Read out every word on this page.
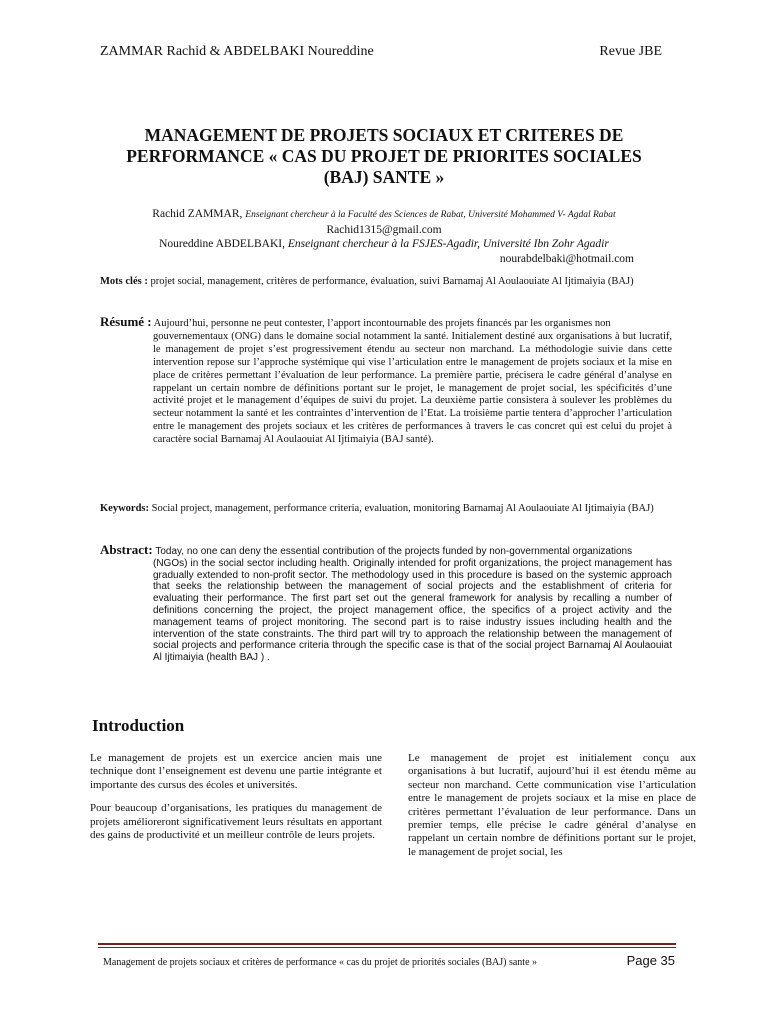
ZAMMAR Rachid & ABDELBAKI Noureddine	Revue JBE
MANAGEMENT DE PROJETS SOCIAUX ET CRITERES DE
PERFORMANCE « CAS DU PROJET DE PRIORITES SOCIALES
(BAJ) SANTE »
Rachid ZAMMAR, Enseignant chercheur à la Faculté des Sciences de Rabat, Université Mohammed V- Agdal Rabat
Rachid1315@gmail.com
Noureddine ABDELBAKI, Enseignant chercheur à la FSJES-Agadir, Université Ibn Zohr Agadir
nourabdelbaki@hotmail.com
Mots clés : projet social, management, critères de performance, évaluation, suivi Barnamaj Al Aoulaouiate Al Ijtimaiyia (BAJ)
Résumé : Aujourd’hui, personne ne peut contester, l’apport incontournable des projets financés par les organismes non
gouvernementaux (ONG) dans le domaine social notamment la santé. Initialement destiné aux organisations à but lucratif, le management de projet s’est progressivement étendu au secteur non marchand. La méthodologie suivie dans cette intervention repose sur l’approche systémique qui vise l’articulation entre le management de projets sociaux et la mise en place de critères permettant l’évaluation de leur performance. La première partie, précisera le cadre général d’analyse en rappelant un certain nombre de définitions portant sur le projet, le management de projet social, les spécificités d’une activité projet et le management d’équipes de suivi du projet. La deuxième partie consistera à soulever les problèmes du secteur notamment la santé et les contraintes d’intervention de l’Etat. La troisième partie tentera d’approcher l’articulation entre le management des projets sociaux et les critères de performances à travers le cas concret qui est celui du projet à caractère social Barnamaj Al Aoulaouiat Al Ijtimaiyia (BAJ santé).
Keywords: Social project, management, performance criteria, evaluation, monitoring Barnamaj Al Aoulaouiate Al Ijtimaiyia (BAJ)
Abstract: Today, no one can deny the essential contribution of the projects funded by non-governmental organizations
(NGOs) in the social sector including health. Originally intended for profit organizations, the project management has gradually extended to non-profit sector. The methodology used in this procedure is based on the systemic approach that seeks the relationship between the management of social projects and the establishment of criteria for evaluating their performance. The first part set out the general framework for analysis by recalling a number of definitions concerning the project, the project management office, the specifics of a project activity and the management teams of project monitoring. The second part is to raise industry issues including health and the intervention of the state constraints. The third part will try to approach the relationship between the management of social projects and performance criteria through the specific case is that of the social project Barnamaj Al Aoulaouiat Al Ijtimaiyia (health BAJ ) .
Introduction

Le management de projets est un exercice ancien mais une technique dont l’enseignement est devenu une partie intégrante et importante des cursus des écoles et universités.

Pour beaucoup d’organisations, les pratiques du management de projets amélioreront significativement leurs résultats en apportant des gains de productivité et un meilleur contrôle de leurs projets.

Le management de projet est initialement conçu aux organisations à but lucratif, aujourd’hui il est étendu même au secteur non marchand. Cette communication vise l’articulation entre le management de projets sociaux et la mise en place de critères permettant l’évaluation de leur performance. Dans un premier temps, elle précise le cadre général d’analyse en rappelant un certain nombre de définitions portant sur le projet, le management de projet social, les

Management de projets sociaux et critères de performance « cas du projet de priorités sociales (BAJ) sante »	Page 35
